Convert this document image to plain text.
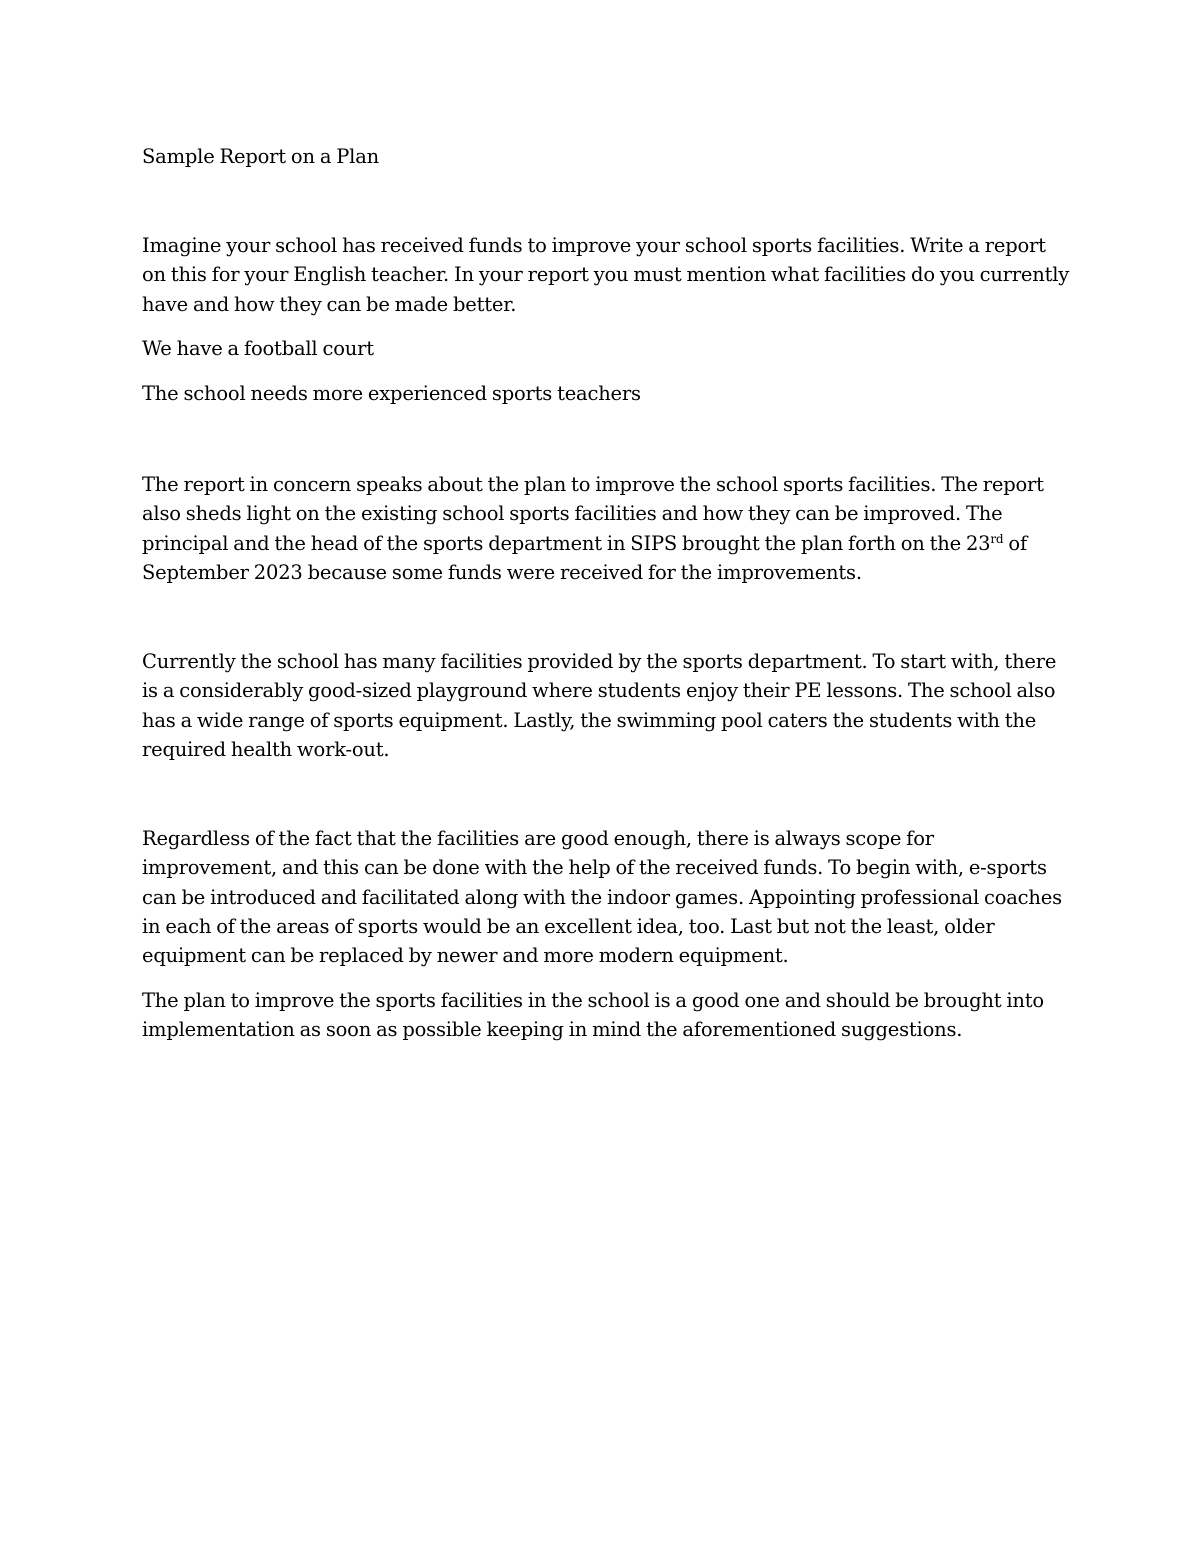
Sample Report on a Plan

Imagine your school has received funds to improve your school sports facilities. Write a report on this for your English teacher. In your report you must mention what facilities do you currently have and how they can be made better.

We have a football court

The school needs more experienced sports teachers

The report in concern speaks about the plan to improve the school sports facilities. The report also sheds light on the existing school sports facilities and how they can be improved. The principal and the head of the sports department in SIPS brought the plan forth on the 23rd of September 2023 because some funds were received for the improvements.

Currently the school has many facilities provided by the sports department. To start with, there is a considerably good-sized playground where students enjoy their PE lessons. The school also has a wide range of sports equipment. Lastly, the swimming pool caters the students with the required health work-out.

Regardless of the fact that the facilities are good enough, there is always scope for improvement, and this can be done with the help of the received funds. To begin with, e-sports can be introduced and facilitated along with the indoor games. Appointing professional coaches in each of the areas of sports would be an excellent idea, too. Last but not the least, older equipment can be replaced by newer and more modern equipment.

The plan to improve the sports facilities in the school is a good one and should be brought into implementation as soon as possible keeping in mind the aforementioned suggestions.
